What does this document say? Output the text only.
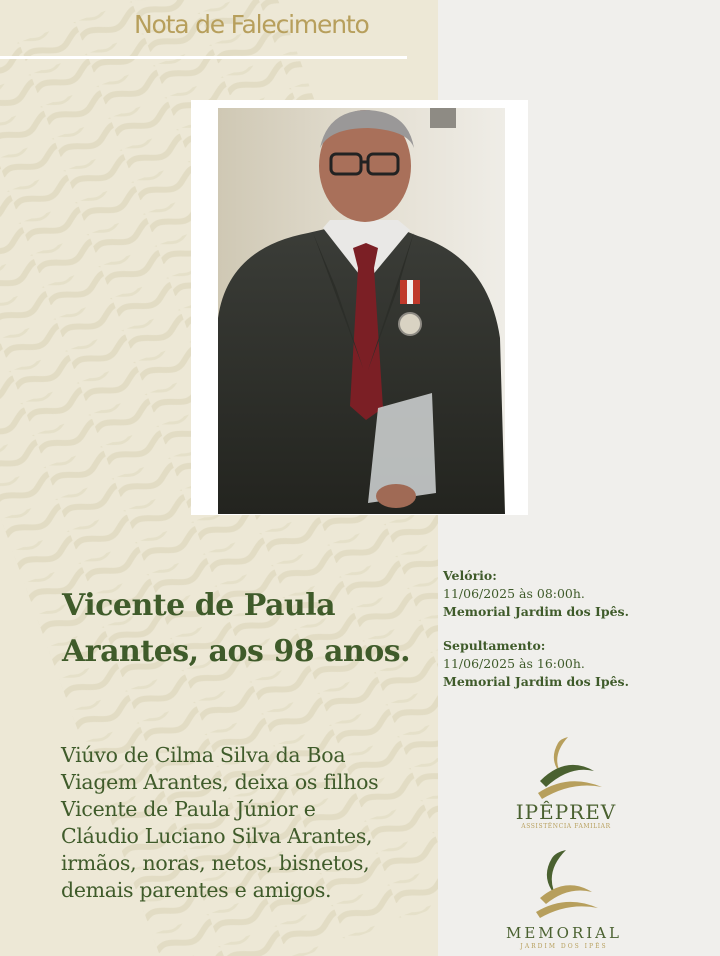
Nota de Falecimento
Vicente de Paula
Arantes, aos 98 anos.
Viúvo de Cilma Silva da Boa
Viagem Arantes, deixa os filhos
Vicente de Paula Júnior e
Cláudio Luciano Silva Arantes,
irmãos, noras, netos, bisnetos,
demais parentes e amigos.
Velório:
11/06/2025 às 08:00h.
Memorial Jardim dos Ipês.
Sepultamento:
11/06/2025 às 16:00h.
Memorial Jardim dos Ipês.
IPÊPREV
ASSISTÊNCIA FAMILIAR
MEMORIAL
JARDIM DOS IPÊS
